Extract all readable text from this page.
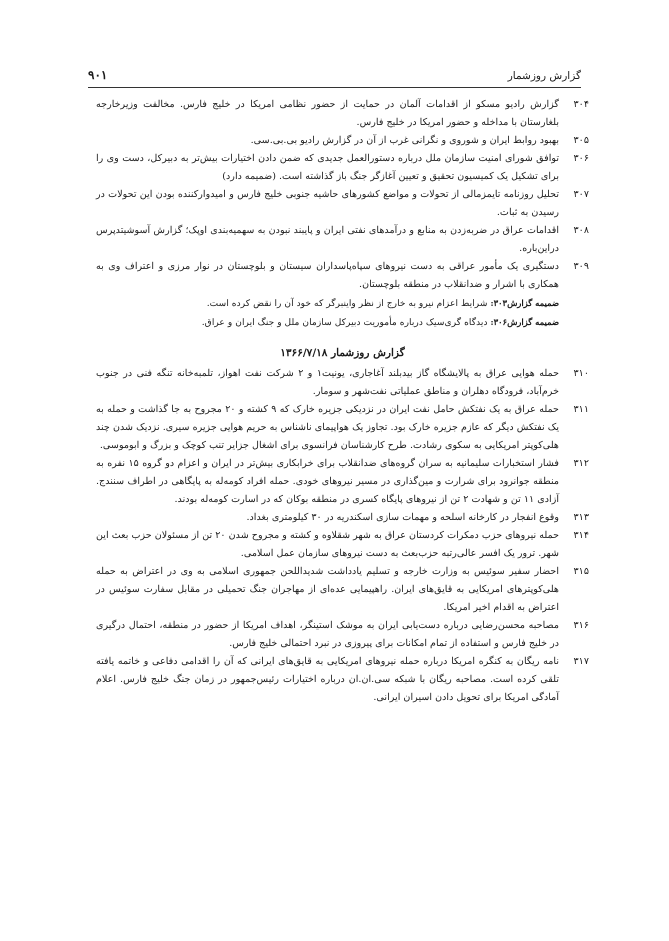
گزارش روزشمار
۹۰۱
۳۰۴
گزارش رادیو مسکو از اقدامات آلمان در حمایت از حضور نظامی امریکا در خلیج فارس. مخالفت وزیرخارجه بلغارستان با مداخله و حضور امریکا در خلیج فارس.
۳۰۵
بهبود روابط ایران و شوروی و نگرانی غرب از آن در گزارش رادیو بی.بی.سی.
۳۰۶
توافق شورای امنیت سازمان ملل درباره دستورالعمل جدیدی که ضمن دادن اختیارات بیش‌تر به دبیرکل، دست وی را برای تشکیل یک کمیسیون تحقیق و تعیین آغازگر جنگ باز گذاشته است. (ضمیمه دارد)
۳۰۷
تحلیل روزنامه تایمزمالی از تحولات و مواضع کشورهای حاشیه جنوبی خلیج فارس و امیدوارکننده بودن این تحولات در رسیدن به ثبات.
۳۰۸
اقدامات عراق در ضربه‌زدن به منابع و درآمدهای نفتی ایران و پایبند نبودن به سهمیه‌بندی اوپک؛ گزارش آسوشیتدپرس دراین‌باره.
۳۰۹
دستگیری یک مأمور عراقی به دست نیروهای سپاه‌پاسداران سیستان و بلوچستان در نوار مرزی و اعتراف وی به همکاری با اشرار و ضدانقلاب در منطقه بلوچستان.
ضمیمه گزارش۳۰۳: شرایط اعزام نیرو به خارج از نظر واینبرگر که خود آن را نقض کرده است.
ضمیمه گزارش۳۰۶: دیدگاه گری‌سیک درباره مأموریت دبیرکل سازمان ملل و جنگ ایران و عراق.
گزارش روزشمار ۱۳۶۶/۷/۱۸
۳۱۰
حمله هوایی عراق به پالایشگاه گاز بیدبلند آغاجاری، یونیت۱ و ۲ شرکت نفت اهواز، تلمبه‌خانه تنگه فنی در جنوب خرم‌آباد، فرودگاه دهلران و مناطق عملیاتی نفت‌شهر و سومار.
۳۱۱
حمله عراق به یک نفتکش حامل نفت ایران در نزدیکی جزیره خارک که ۹ کشته و ۲۰ مجروح به جا گذاشت و حمله به یک نفتکش دیگر که عازم جزیره خارک بود. تجاوز یک هواپیمای ناشناس به حریم هوایی جزیره سیری. نزدیک شدن چند هلی‌کوپتر امریکایی به سکوی رشادت. طرح کارشناسان فرانسوی برای اشغال جزایر تنب کوچک و بزرگ و ابوموسی.
۳۱۲
فشار استخبارات سلیمانیه به سران گروه‌های ضدانقلاب برای خرابکاری بیش‌تر در ایران و اعزام دو گروه ۱۵ نفره به منطقه جوانرود برای شرارت و مین‌گذاری در مسیر نیروهای خودی. حمله افراد کومه‌له به پایگاهی در اطراف سنندج. آزادی ۱۱ تن و شهادت ۲ تن از نیروهای پایگاه کسری در منطقه بوکان که در اسارت کومه‌له بودند.
۳۱۳
وقوع انفجار در کارخانه اسلحه و مهمات سازی اسکندریه در ۳۰ کیلومتری بغداد.
۳۱۴
حمله نیروهای حزب دمکرات کردستان عراق به شهر شقلاوه و کشته و مجروح شدن ۲۰ تن از مسئولان حزب بعث این شهر. ترور یک افسر عالی‌رتبه حزب‌بعث به دست نیروهای سازمان عمل اسلامی.
۳۱۵
احضار سفیر سوئیس به وزارت خارجه و تسلیم یادداشت شدیداللحن جمهوری اسلامی به وی در اعتراض به حمله هلی‌کوپترهای امریکایی به قایق‌های ایران. راهپیمایی عده‌ای از مهاجران جنگ تحمیلی در مقابل سفارت سوئیس در اعتراض به اقدام اخیر امریکا.
۳۱۶
مصاحبه محسن‌رضایی درباره دست‌یابی ایران به موشک استینگر، اهداف امریکا از حضور در منطقه، احتمال درگیری در خلیج فارس و استفاده از تمام امکانات برای پیروزی در نبرد احتمالی خلیج فارس.
۳۱۷
نامه ریگان به کنگره امریکا درباره حمله نیروهای امریکایی به قایق‌های ایرانی که آن را اقدامی دفاعی و خاتمه یافته تلقی کرده است. مصاحبه ریگان با شبکه سی.ان.ان درباره اختیارات رئیس‌جمهور در زمان جنگ خلیج فارس. اعلام آمادگی امریکا برای تحویل دادن اسیران ایرانی.
